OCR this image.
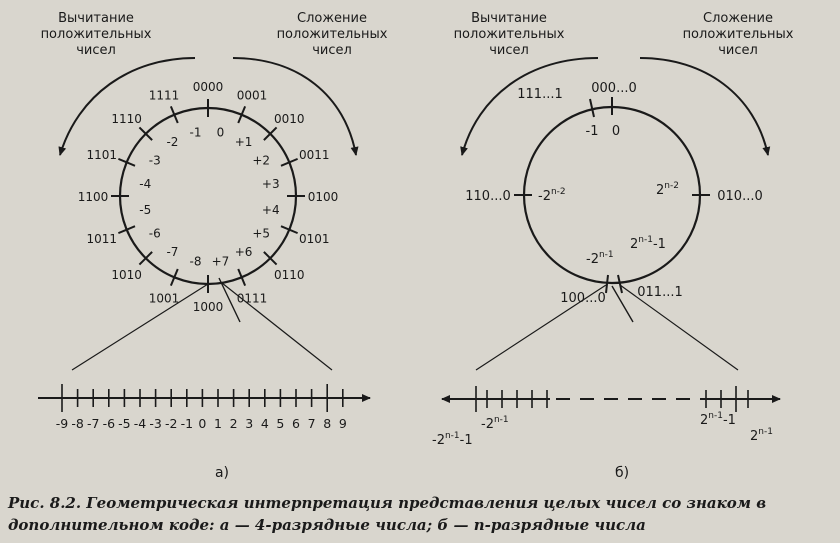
Вычитание
положительных
чисел
Сложение
положительных
чисел
0000
0
0001
+1
0010
+2 0011
+3
0100
+4
0101
+5
0110
+6
0111
+7
1000
-8
1001
-7
1010
-6
1011
-5
1100
-4
1101	-3
1110
-2
1111
-1
-9 -8 -7 -6 -5 -4 -3 -2 -1 0 1 2 3 4 5 6 7 8 9
а)
Вычитание
положительных
чисел
Сложение
положительных
чисел
000...0
111...1
110...0	010...0
100...0 011...1
-1 0
-2$^{n-2}$	2$^{n-2}$
-2$^{n-1}$
2$^{n-1}$-1
-2$^{n-1}$
-2$^{n-1}$-1
2$^{n-1}$-1
2$^{n-1}$
б)
Рис. 8.2. Геометрическая интерпретация представления целых чисел со знаком в дополнительном коде: а — 4-разрядные числа; б — n-разрядные числа
